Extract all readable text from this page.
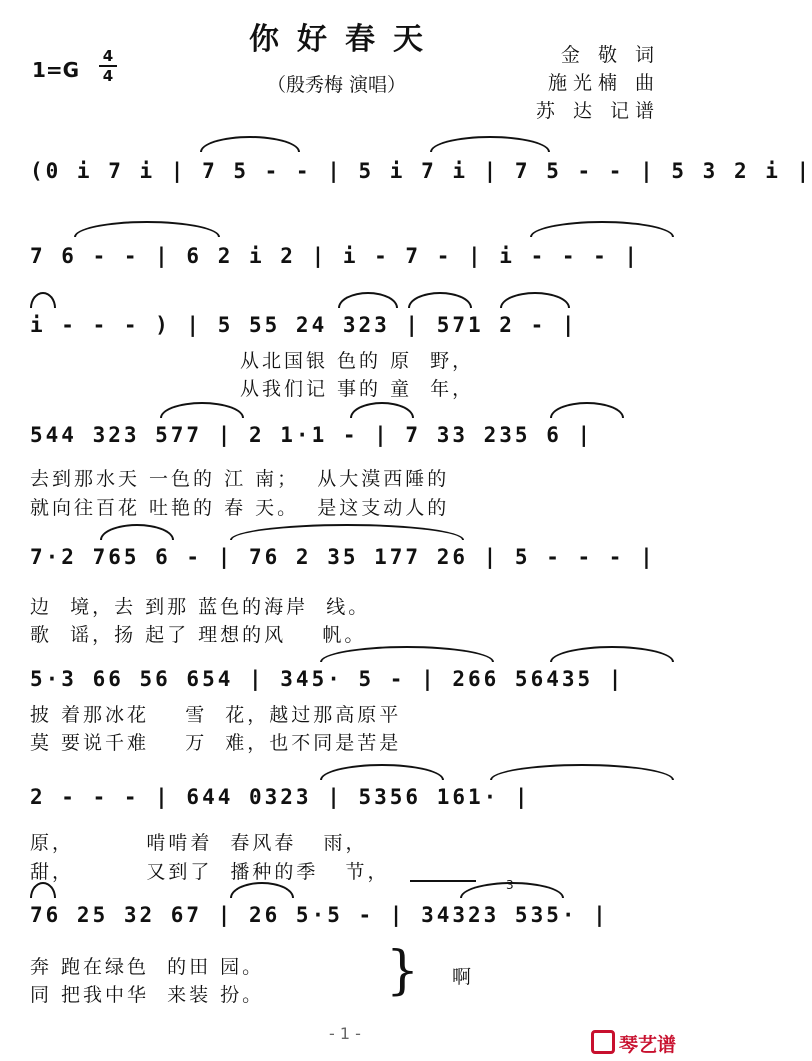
你好春天
1=G
4
4	（殷秀梅 演唱）
金 敬 词
施光楠 曲
苏 达 记谱
(0 i 7 i | 7 5 - - | 5 i 7 i | 7 5 - - | 5 3 2 i |
7 6 - - | 6 2 i 2 | i - 7 - | i - - - |
i - - - ) | 5 55 24 323 | 571 2 - |
从北国银 色的 原  野，
从我们记 事的 童  年，
544 323 577 | 2 1·1 - | 7 33 235 6 |
去到那水天 一色的 江 南；  从大漠西陲的
就向往百花 吐艳的 春 天。  是这支动人的
7·2 765 6 - | 76 2 35 177 26 | 5 - - - |
边  境，去 到那 蓝色的海岸  线。
歌  谣，扬 起了 理想的风    帆。
5·3 66 56 654 | 345· 5 - | 266 56435 |
披 着那冰花    雪  花，越过那高原平
莫 要说千难    万  难，也不同是苦是
2 - - - | 644 0323 | 5356 161· |
原，        啃啃着  春风春   雨，
甜，        又到了  播种的季   节，
76 25 32 67 | 26 5·5 - | 34323 535· |
3
奔 跑在绿色  的田 园。
同 把我中华  来装 扮。 } 啊
- 1 -
琴艺谱
